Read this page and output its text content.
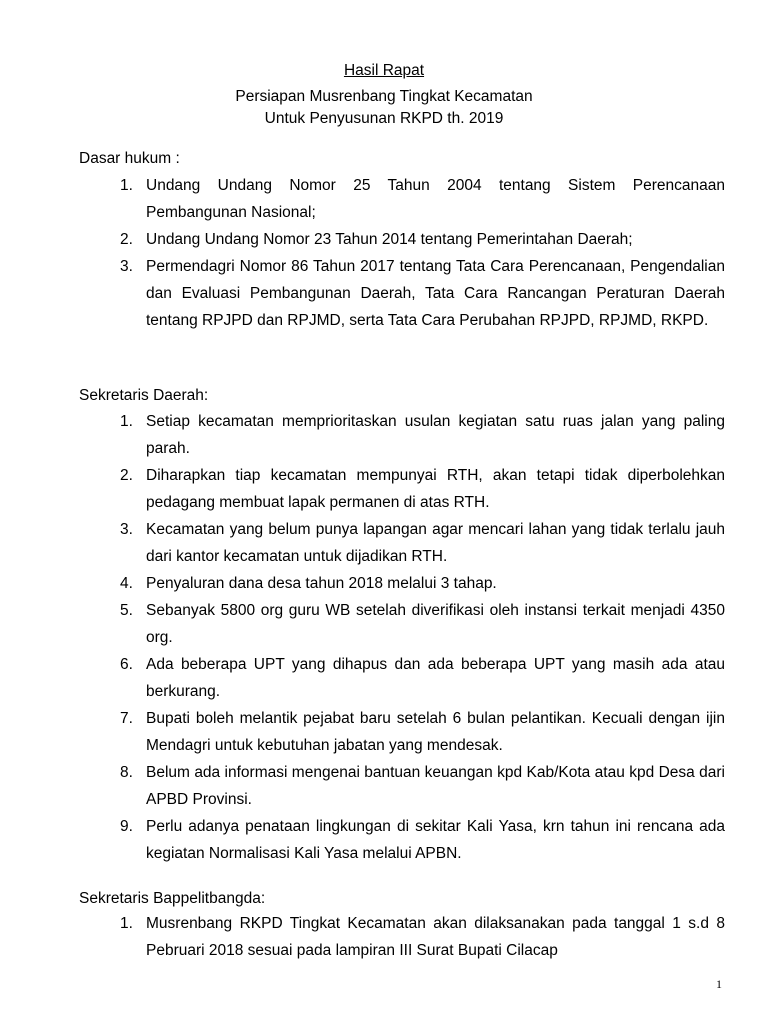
Hasil Rapat
Persiapan Musrenbang Tingkat Kecamatan
Untuk Penyusunan RKPD th. 2019
Dasar hukum :
1. Undang Undang Nomor 25 Tahun 2004 tentang Sistem Perencanaan Pembangunan Nasional;
2. Undang Undang Nomor 23 Tahun 2014 tentang Pemerintahan Daerah;
3. Permendagri Nomor 86 Tahun 2017 tentang Tata Cara Perencanaan, Pengendalian dan Evaluasi Pembangunan Daerah, Tata Cara Rancangan Peraturan Daerah tentang RPJPD dan RPJMD, serta Tata Cara Perubahan RPJPD, RPJMD, RKPD.
Sekretaris Daerah:
1. Setiap kecamatan memprioritaskan usulan kegiatan satu ruas jalan yang paling parah.
2. Diharapkan tiap kecamatan mempunyai RTH, akan tetapi tidak diperbolehkan pedagang membuat lapak permanen di atas RTH.
3. Kecamatan yang belum punya lapangan agar mencari lahan yang tidak terlalu jauh dari kantor kecamatan untuk dijadikan RTH.
4. Penyaluran dana desa tahun 2018 melalui 3 tahap.
5. Sebanyak 5800 org guru WB setelah diverifikasi oleh instansi terkait menjadi 4350 org.
6. Ada beberapa UPT yang dihapus dan ada beberapa UPT yang masih ada atau berkurang.
7. Bupati boleh melantik pejabat baru setelah 6 bulan pelantikan. Kecuali dengan ijin Mendagri untuk kebutuhan jabatan yang mendesak.
8. Belum ada informasi mengenai bantuan keuangan kpd Kab/Kota atau kpd Desa dari APBD Provinsi.
9. Perlu adanya penataan lingkungan di sekitar Kali Yasa, krn tahun ini rencana ada kegiatan Normalisasi Kali Yasa melalui APBN.
Sekretaris Bappelitbangda:
1. Musrenbang RKPD Tingkat Kecamatan akan dilaksanakan pada tanggal 1 s.d 8 Pebruari 2018 sesuai pada lampiran III Surat Bupati Cilacap
1
